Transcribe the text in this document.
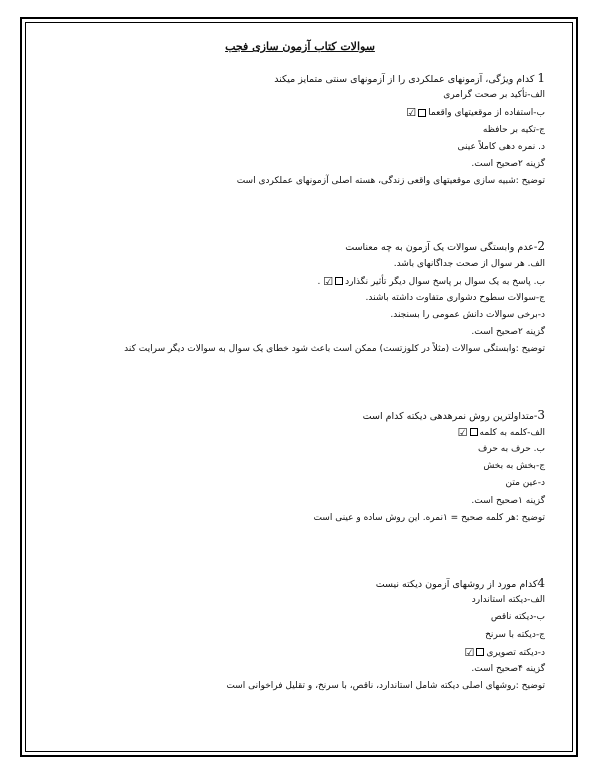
سوالات کتاب آزمون سازی فجب
1 کدام ویژگی، آزمونهای عملکردی را از آزمونهای سنتی متمایز میکند
الف-تأکید بر صحت گرامری
ب-استفاده از موقعیتهای واقعما☑
ج-تکیه بر حافظه
د. نمره دهی کاملاً عینی
گزینه ۲صحیح است.
توضیح :شبیه سازی موقعیتهای واقعی زندگی، هسته اصلی آزمونهای عملکردی است
2-عدم وابستگی سوالات یک آزمون به چه معناست
الف. هر سوال از صحت جداگانهای باشد.
ب. پاسخ به یک سوال بر پاسخ سوال دیگر تأثیر نگذارد☑ .
ج-سوالات سطوح دشواری متفاوت داشته باشند.
د-برخی سوالات دانش عمومی را بسنجند.
گزینه ۲صحیح است.
توضیح :وابستگی سوالات (مثلاً در کلوزتست) ممکن است باعث شود خطای یک سوال به سوالات دیگر سرایت کند
3-متداولترین روش نمرهدهی دیکته کدام است
الف-کلمه به کلمه☑
ب. حرف به حرف
ج-بخش به بخش
د-عین متن
گزینه ۱صحیح است.
توضیح :هر کلمه صحیح = ۱نمره. این روش ساده و عینی است
4کدام مورد از روشهای آزمون دیکته نیست
الف-دیکته استاندارد
ب-دیکته ناقص
ج-دیکته با سرنخ
د-دیکته تصویری☑
گزینه ۴صحیح است.
توضیح :روشهای اصلی دیکته شامل استاندارد، ناقص، با سرنخ، و تقلیل فراخوانی است
